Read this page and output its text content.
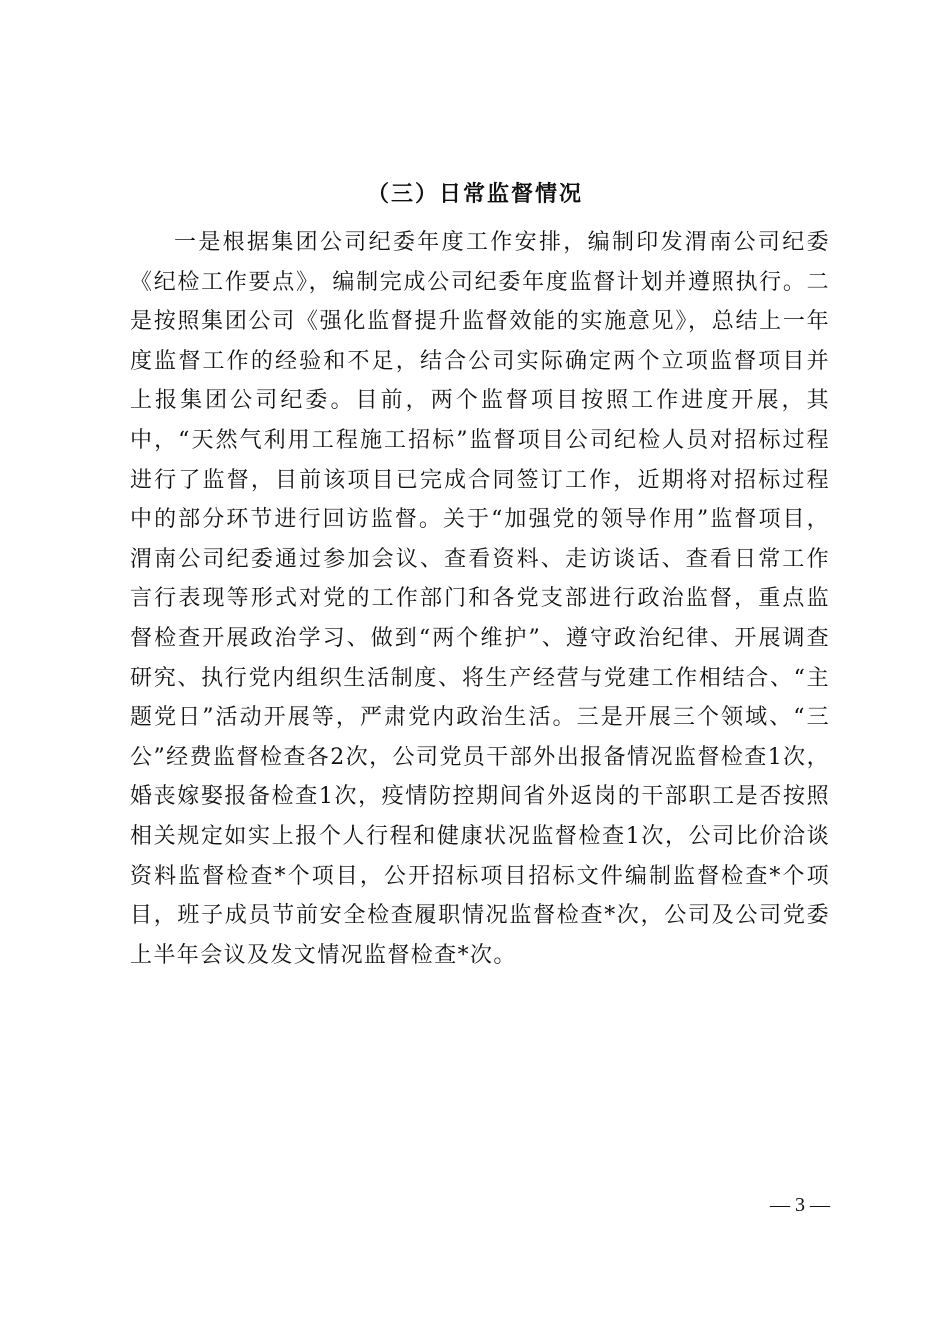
（三）日常监督情况

一是根据集团公司纪委年度工作安排，编制印发渭南公司纪委《纪检工作要点》，编制完成公司纪委年度监督计划并遵照执行。二是按照集团公司《强化监督提升监督效能的实施意见》，总结上一年度监督工作的经验和不足，结合公司实际确定两个立项监督项目并上报集团公司纪委。目前，两个监督项目按照工作进度开展，其中，“天然气利用工程施工招标”监督项目公司纪检人员对招标过程进行了监督，目前该项目已完成合同签订工作，近期将对招标过程中的部分环节进行回访监督。关于“加强党的领导作用”监督项目，渭南公司纪委通过参加会议、查看资料、走访谈话、查看日常工作言行表现等形式对党的工作部门和各党支部进行政治监督，重点监督检查开展政治学习、做到“两个维护”、遵守政治纪律、开展调查研究、执行党内组织生活制度、将生产经营与党建工作相结合、“主题党日”活动开展等，严肃党内政治生活。三是开展三个领域、“三公”经费监督检查各2次，公司党员干部外出报备情况监督检查1次，婚丧嫁娶报备检查1次，疫情防控期间省外返岗的干部职工是否按照相关规定如实上报个人行程和健康状况监督检查1次，公司比价洽谈资料监督检查*个项目，公开招标项目招标文件编制监督检查*个项目，班子成员节前安全检查履职情况监督检查*次，公司及公司党委上半年会议及发文情况监督检查*次。

— 3 —
